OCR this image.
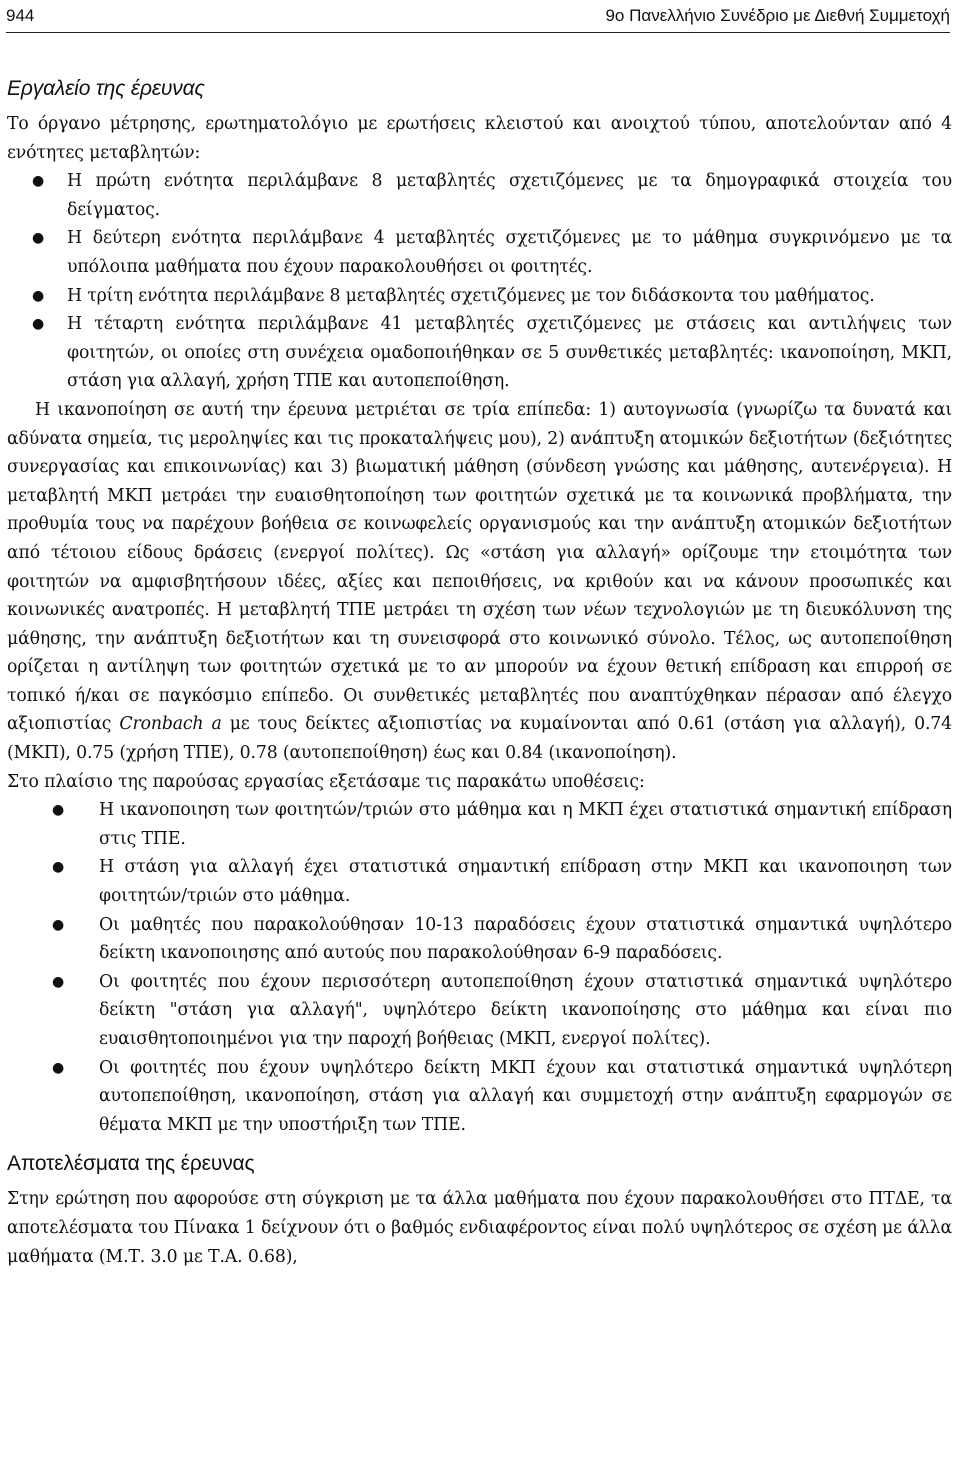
944	9ο Πανελλήνιο Συνέδριο με Διεθνή Συμμετοχή
Εργαλείο της έρευνας

Το όργανο μέτρησης, ερωτηματολόγιο με ερωτήσεις κλειστού και ανοιχτού τύπου, αποτελούνταν από 4 ενότητες μεταβλητών:

● Η πρώτη ενότητα περιλάμβανε 8 μεταβλητές σχετιζόμενες με τα δημογραφικά στοιχεία του δείγματος.
● Η δεύτερη ενότητα περιλάμβανε 4 μεταβλητές σχετιζόμενες με το μάθημα συγκρινόμενο με τα υπόλοιπα μαθήματα που έχουν παρακολουθήσει οι φοιτητές.
● Η τρίτη ενότητα περιλάμβανε 8 μεταβλητές σχετιζόμενες με τον διδάσκοντα του μαθήματος.
● Η τέταρτη ενότητα περιλάμβανε 41 μεταβλητές σχετιζόμενες με στάσεις και αντιλήψεις των φοιτητών, οι οποίες στη συνέχεια ομαδοποιήθηκαν σε 5 συνθετικές μεταβλητές: ικανοποίηση, ΜΚΠ, στάση για αλλαγή, χρήση ΤΠΕ και αυτοπεποίθηση.

Η ικανοποίηση σε αυτή την έρευνα μετριέται σε τρία επίπεδα: 1) αυτογνωσία (γνωρίζω τα δυνατά και αδύνατα σημεία, τις μεροληψίες και τις προκαταλήψεις μου), 2) ανάπτυξη ατομικών δεξιοτήτων (δεξιότητες συνεργασίας και επικοινωνίας) και 3) βιωματική μάθηση (σύνδεση γνώσης και μάθησης, αυτενέργεια). Η μεταβλητή ΜΚΠ μετράει την ευαισθητοποίηση των φοιτητών σχετικά με τα κοινωνικά προβλήματα, την προθυμία τους να παρέχουν βοήθεια σε κοινωφελείς οργανισμούς και την ανάπτυξη ατομικών δεξιοτήτων από τέτοιου είδους δράσεις (ενεργοί πολίτες). Ως «στάση για αλλαγή» ορίζουμε την ετοιμότητα των φοιτητών να αμφισβητήσουν ιδέες, αξίες και πεποιθήσεις, να κριθούν και να κάνουν προσωπικές και κοινωνικές ανατροπές. Η μεταβλητή ΤΠΕ μετράει τη σχέση των νέων τεχνολογιών με τη διευκόλυνση της μάθησης, την ανάπτυξη δεξιοτήτων και τη συνεισφορά στο κοινωνικό σύνολο. Τέλος, ως αυτοπεποίθηση ορίζεται η αντίληψη των φοιτητών σχετικά με το αν μπορούν να έχουν θετική επίδραση και επιρροή σε τοπικό ή/και σε παγκόσμιο επίπεδο. Οι συνθετικές μεταβλητές που αναπτύχθηκαν πέρασαν από έλεγχο αξιοπιστίας Cronbach a με τους δείκτες αξιοπιστίας να κυμαίνονται από 0.61 (στάση για αλλαγή), 0.74 (ΜΚΠ), 0.75 (χρήση ΤΠΕ), 0.78 (αυτοπεποίθηση) έως και 0.84 (ικανοποίηση).

Στο πλαίσιο της παρούσας εργασίας εξετάσαμε τις παρακάτω υποθέσεις:

● Η ικανοποιηση των φοιτητών/τριών στο μάθημα και η ΜΚΠ έχει στατιστικά σημαντική επίδραση στις ΤΠΕ.
● Η στάση για αλλαγή έχει στατιστικά σημαντική επίδραση στην ΜΚΠ και ικανοποιηση των φοιτητών/τριών στο μάθημα.
● Οι μαθητές που παρακολούθησαν 10-13 παραδόσεις έχουν στατιστικά σημαντικά υψηλότερο δείκτη ικανοποιησης από αυτούς που παρακολούθησαν 6-9 παραδόσεις.
● Οι φοιτητές που έχουν περισσότερη αυτοπεποίθηση έχουν στατιστικά σημαντικά υψηλότερο δείκτη "στάση για αλλαγή", υψηλότερο δείκτη ικανοποίησης στο μάθημα και είναι πιο ευαισθητοποιημένοι για την παροχή βοήθειας (ΜΚΠ, ενεργοί πολίτες).
● Οι φοιτητές που έχουν υψηλότερο δείκτη ΜΚΠ έχουν και στατιστικά σημαντικά υψηλότερη αυτοπεποίθηση, ικανοποίηση, στάση για αλλαγή και συμμετοχή στην ανάπτυξη εφαρμογών σε θέματα ΜΚΠ με την υποστήριξη των ΤΠΕ.
Αποτελέσματα της έρευνας

Στην ερώτηση που αφορούσε στη σύγκριση με τα άλλα μαθήματα που έχουν παρακολουθήσει στο ΠΤΔΕ, τα αποτελέσματα του Πίνακα 1 δείχνουν ότι ο βαθμός ενδιαφέροντος είναι πολύ υψηλότερος σε σχέση με άλλα μαθήματα (Μ.Τ. 3.0 με Τ.Α. 0.68),
